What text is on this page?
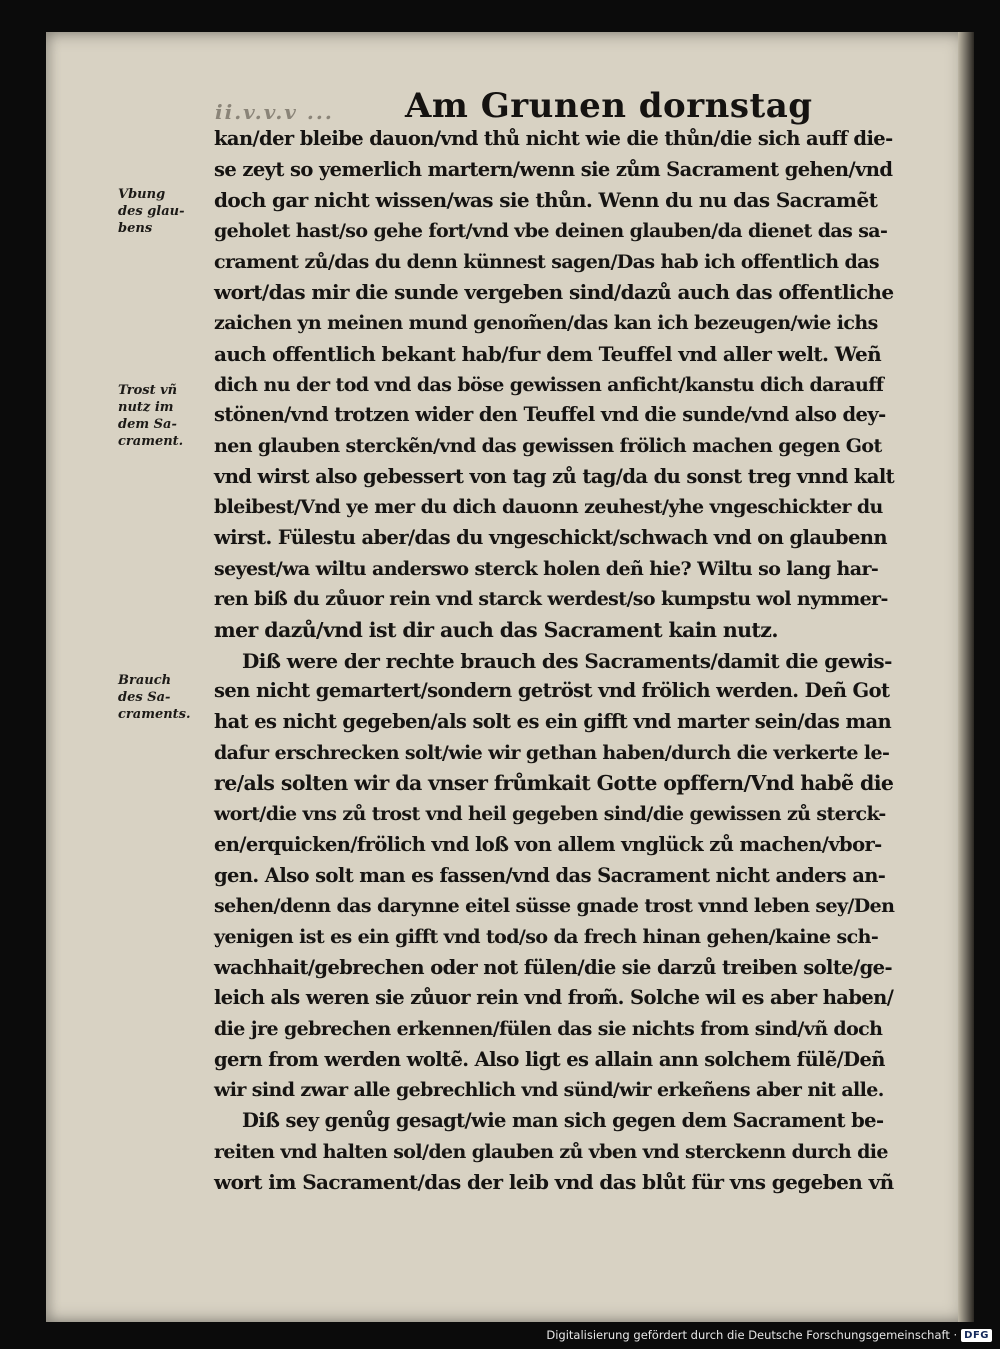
ii.v.v.v ...	Am Grunen dornstag
Vbung
des glau-
bens
Trost vñ
nutz im
dem Sa-
crament.
Brauch
des Sa-
craments.
kan/der bleibe dauon/vnd thů nicht wie die thůn/die sich auff die-
se zeyt so yemerlich martern/wenn sie zům Sacrament gehen/vnd
doch gar nicht wissen/was sie thůn. Wenn du nu das Sacramẽt
geholet hast/so gehe fort/vnd vbe deinen glauben/da dienet das sa-
crament zů/das du denn künnest sagen/Das hab ich offentlich das
wort/das mir die sunde vergeben sind/dazů auch das offentliche
zaichen yn meinen mund genom̃en/das kan ich bezeugen/wie ichs
auch offentlich bekant hab/fur dem Teuffel vnd aller welt. Weñ
dich nu der tod vnd das böse gewissen anficht/kanstu dich darauff
stönen/vnd trotzen wider den Teuffel vnd die sunde/vnd also dey-
nen glauben sterckẽn/vnd das gewissen frölich machen gegen Got
vnd wirst also gebessert von tag zů tag/da du sonst treg vnnd kalt
bleibest/Vnd ye mer du dich dauonn zeuhest/yhe vngeschickter du
wirst. Fülestu aber/das du vngeschickt/schwach vnd on glaubenn
seyest/wa wiltu anderswo sterck holen deñ hie? Wiltu so lang har-
ren biß du zůuor rein vnd starck werdest/so kumpstu wol nymmer-
mer dazů/vnd ist dir auch das Sacrament kain nutz.
Diß were der rechte brauch des Sacraments/damit die gewis-
sen nicht gemartert/sondern getröst vnd frölich werden. Deñ Got
hat es nicht gegeben/als solt es ein gifft vnd marter sein/das man
dafur erschrecken solt/wie wir gethan haben/durch die verkerte le-
re/als solten wir da vnser frůmkait Gotte opffern/Vnd habẽ die
wort/die vns zů trost vnd heil gegeben sind/die gewissen zů sterck-
en/erquicken/frölich vnd loß von allem vnglück zů machen/vbor-
gen. Also solt man es fassen/vnd das Sacrament nicht anders an-
sehen/denn das darynne eitel süsse gnade trost vnnd leben sey/Den
yenigen ist es ein gifft vnd tod/so da frech hinan gehen/kaine sch-
wachhait/gebrechen oder not fülen/die sie darzů treiben solte/ge-
leich als weren sie zůuor rein vnd from̃. Solche wil es aber haben/
die jre gebrechen erkennen/fülen das sie nichts from sind/vñ doch
gern from werden woltẽ. Also ligt es allain ann solchem fülẽ/Deñ
wir sind zwar alle gebrechlich vnd sünd/wir erkeñens aber nit alle.
Diß sey genůg gesagt/wie man sich gegen dem Sacrament be-
reiten vnd halten sol/den glauben zů vben vnd sterckenn durch die
wort im Sacrament/das der leib vnd das blůt für vns gegeben vñ
Digitalisierung gefördert durch die Deutsche Forschungsgemeinschaft · DFG
